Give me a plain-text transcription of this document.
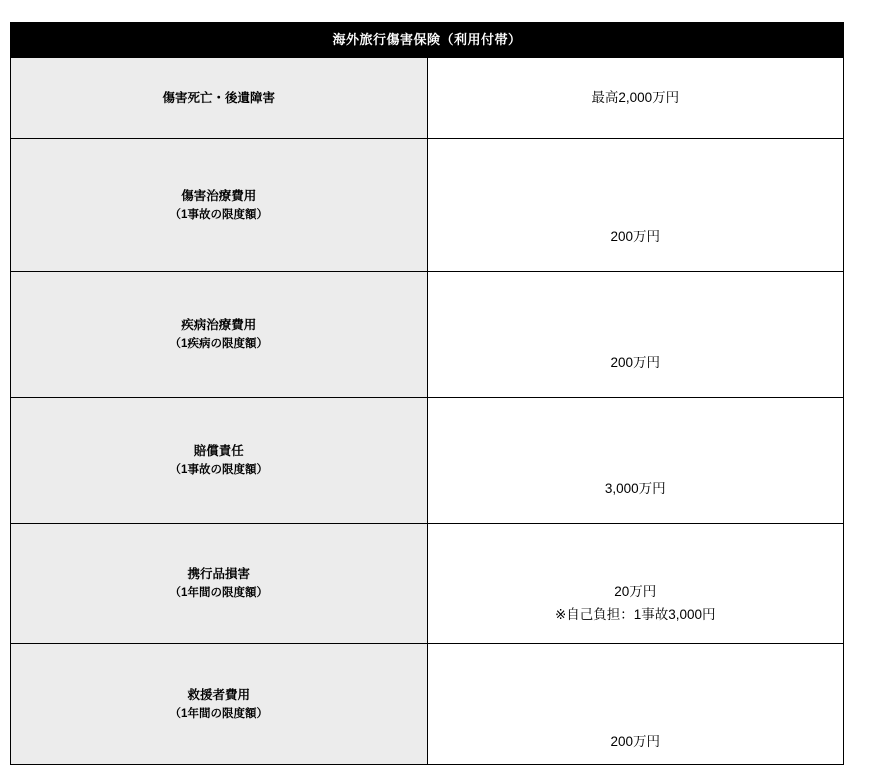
海外旅行傷害保険（利用付帯）	

傷害死亡・後遺障害	最高2,000万円

傷害治療費用
（1事故の限度額）	200万円

疾病治療費用
（1疾病の限度額）	200万円

賠償責任
（1事故の限度額）	3,000万円

携行品損害
（1年間の限度額）	20万円
※自己負担：1事故3,000円

救援者費用
（1年間の限度額）	200万円
